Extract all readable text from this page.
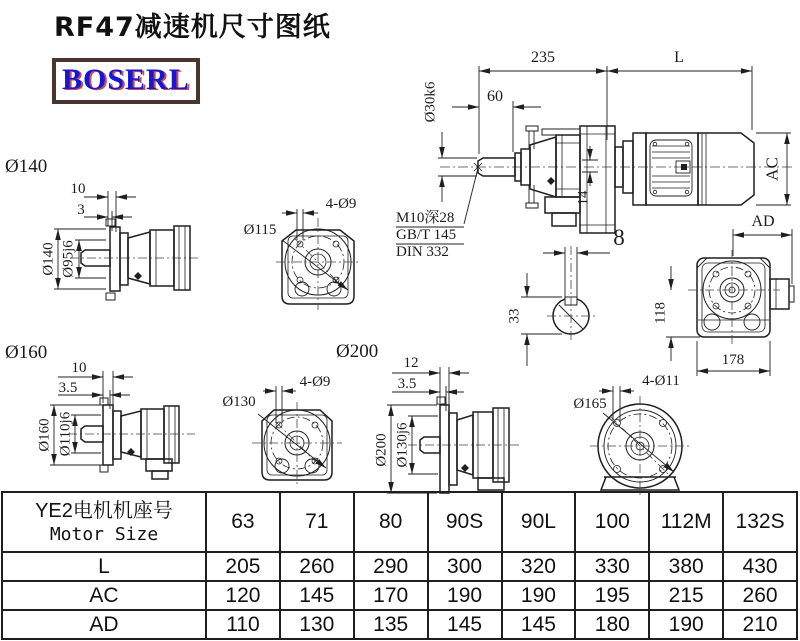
RF47减速机尺寸图纸
BOSERL
Ø140
Ø160	Ø200
10
3
Ø140 Ø95j6
4-Ø9
Ø115
235	L
60
Ø30k6
14
AC
AD
M10深28
GB/T 145
DIN 332
8
33	118
178
10
3.5
Ø160 Ø110j6
4-Ø9
Ø130
12
3.5
Ø200 Ø130j6
4-Ø11
Ø165
YE2电机机座号
Motor Size	63	71	80	90S	90L	100	112M	132S
L	205	260	290	300	320	330	380	430
AC	120	145	170	190	190	195	215	260
AD	110	130	135	145	145	180	190	210
